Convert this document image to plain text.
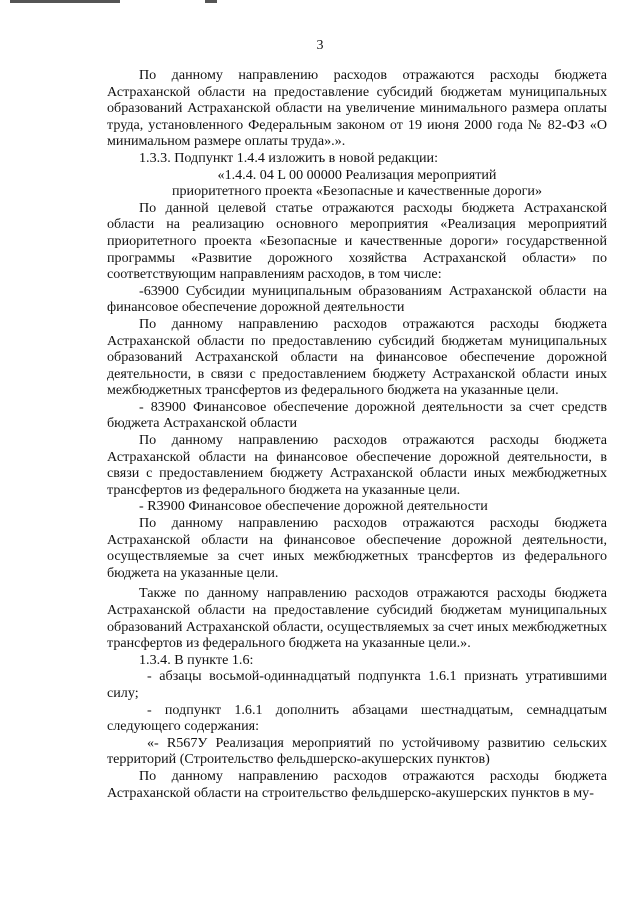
3

По данному направлению расходов отражаются расходы бюджета Астраханской области на предоставление субсидий бюджетам муниципальных образований Астраханской области на увеличение минимального размера оплаты труда, установленного Федеральным законом от 19 июня 2000 года № 82-ФЗ «О минимальном размере оплаты труда».».

1.3.3. Подпункт 1.4.4 изложить в новой редакции:

«1.4.4. 04 L 00 00000 Реализация мероприятий

приоритетного проекта «Безопасные и качественные дороги»

По данной целевой статье отражаются расходы бюджета Астраханской области на реализацию основного мероприятия «Реализация мероприятий приоритетного проекта «Безопасные и качественные дороги» государственной программы «Развитие дорожного хозяйства Астраханской области» по соответствующим направлениям расходов, в том числе:

-63900 Субсидии муниципальным образованиям Астраханской области на финансовое обеспечение дорожной деятельности

По данному направлению расходов отражаются расходы бюджета Астраханской области по предоставлению субсидий бюджетам муниципальных образований Астраханской области на финансовое обеспечение дорожной деятельности, в связи с предоставлением бюджету Астраханской области иных межбюджетных трансфертов из федерального бюджета на указанные цели.

- 83900 Финансовое обеспечение дорожной деятельности за счет средств бюджета Астраханской области

По данному направлению расходов отражаются расходы бюджета Астраханской области на финансовое обеспечение дорожной деятельности, в связи с предоставлением бюджету Астраханской области иных межбюджетных трансфертов из федерального бюджета на указанные цели.

- R3900 Финансовое обеспечение дорожной деятельности

По данному направлению расходов отражаются расходы бюджета Астраханской области на финансовое обеспечение дорожной деятельности, осуществляемые за счет иных межбюджетных трансфертов из федерального бюджета на указанные цели.

Также по данному направлению расходов отражаются расходы бюджета Астраханской области на предоставление субсидий бюджетам муниципальных образований Астраханской области, осуществляемых за счет иных межбюджетных трансфертов из федерального бюджета на указанные цели.».

1.3.4. В пункте 1.6:

- абзацы восьмой-одиннадцатый подпункта 1.6.1 признать утратившими силу;

- подпункт 1.6.1 дополнить абзацами шестнадцатым, семнадцатым следующего содержания:

«- R567У Реализация мероприятий по устойчивому развитию сельских территорий (Строительство фельдшерско-акушерских пунктов)

По данному направлению расходов отражаются расходы бюджета Астраханской области на строительство фельдшерско-акушерских пунктов в му-
